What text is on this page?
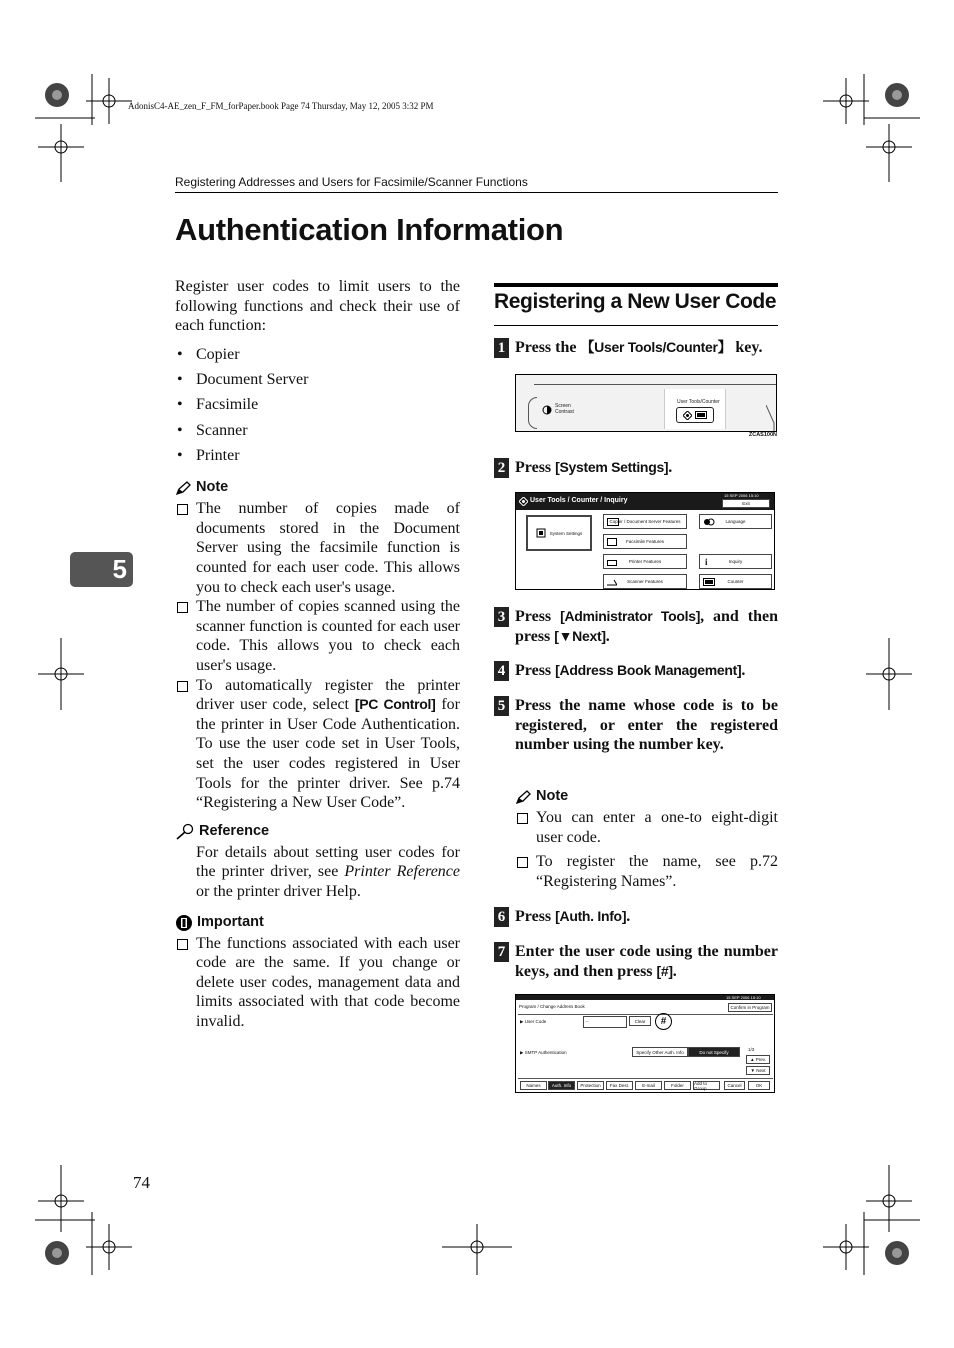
AdonisC4-AE_zen_F_FM_forPaper.book Page 74 Thursday, May 12, 2005 3:32 PM
Registering Addresses and Users for Facsimile/Scanner Functions
Authentication Information
5

Register user codes to limit users to the following functions and check their use of each function:

• Copier
• Document Server
• Facsimile
• Scanner
• Printer
Note

The number of copies made of documents stored in the Document Server using the facsimile function is counted for each user code. This allows you to check each user's usage.

The number of copies scanned using the scanner function is counted for each user code. This allows you to check each user's usage.

To automatically register the printer driver user code, select [PC Control] for the printer in User Code Authentication. To use the user code set in User Tools, set the user codes registered in User Tools for the printer driver. See p.74 “Registering a New User Code”.

Reference

For details about setting user codes for the printer driver, see Printer Reference or the printer driver Help.

Important

The functions associated with each user code are the same. If you change or delete user codes, management data and limits associated with that code become invalid.

Registering a New User Code
1 Press the 【User Tools/Counter】 key.
Screen
Contrast
User Tools/Counter
ZCAS100N
2 Press [System Settings].
User Tools / Counter / Inquiry
15 SEP 2006 15:10
Exit
System Settings
Copier / Document Server Features
Facsimile Features
Printer Features
Scanner Features
Language
i	Inquiry
Counter
3 Press [Administrator Tools], and then press [▼Next].
4 Press [Address Book Management].
5 Press the name whose code is to be registered, or enter the registered number using the number key.
Note

You can enter a one-to eight-digit user code.

To register the name, see p.72 “Registering Names”.

6 Press [Auth. Info].
7 Enter the user code using the number keys, and then press [#].
15 SEP 2006 15:10
Program / Change Address Book	Confirm in Program
▶ User Code	_	Clear	#
▶ SMTP Authentication	Specify Other Auth. Info	Do not Specify	1/3
▲ Prev.
▼ Next
Names	Auth. Info	Protection	Fax Dest.	E-mail	Folder	Add to Group	Cancel	OK
74
